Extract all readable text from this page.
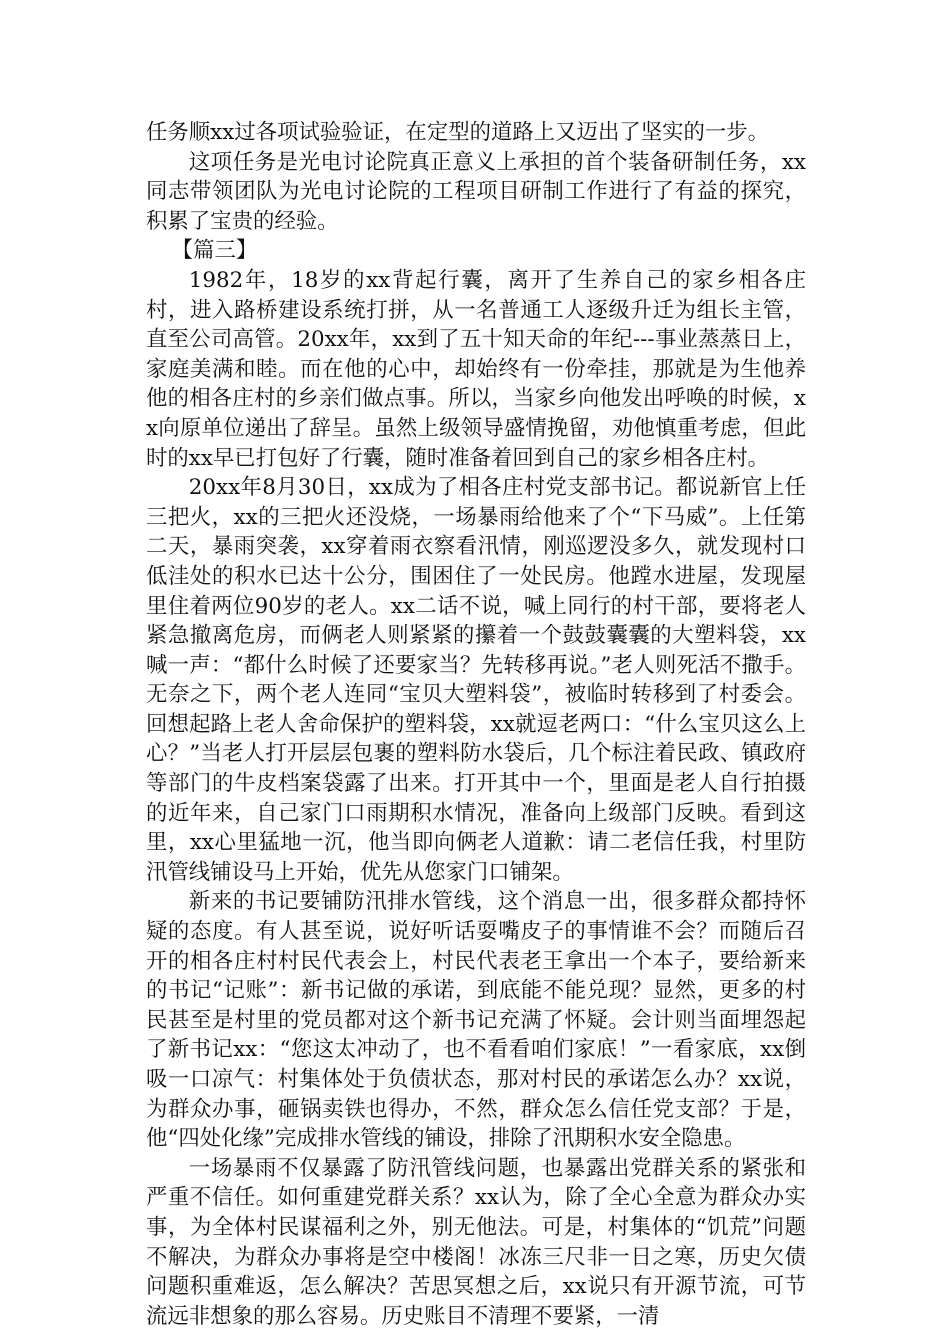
任务顺xx过各项试验验证，在定型的道路上又迈出了坚实的一步。

这项任务是光电讨论院真正意义上承担的首个装备研制任务，xx同志带领团队为光电讨论院的工程项目研制工作进行了有益的探究，积累了宝贵的经验。

【篇三】

1982年，18岁的xx背起行囊，离开了生养自己的家乡相各庄村，进入路桥建设系统打拼，从一名普通工人逐级升迁为组长主管，直至公司高管。20xx年，xx到了五十知天命的年纪---事业蒸蒸日上，家庭美满和睦。而在他的心中，却始终有一份牵挂，那就是为生他养他的相各庄村的乡亲们做点事。所以，当家乡向他发出呼唤的时候，xx向原单位递出了辞呈。虽然上级领导盛情挽留，劝他慎重考虑，但此时的xx早已打包好了行囊，随时准备着回到自己的家乡相各庄村。

20xx年8月30日，xx成为了相各庄村党支部书记。都说新官上任三把火，xx的三把火还没烧，一场暴雨给他来了个“下马威”。上任第二天，暴雨突袭，xx穿着雨衣察看汛情，刚巡逻没多久，就发现村口低洼处的积水已达十公分，围困住了一处民房。他蹚水进屋，发现屋里住着两位90岁的老人。xx二话不说，喊上同行的村干部，要将老人紧急撤离危房，而俩老人则紧紧的攥着一个鼓鼓囊囊的大塑料袋，xx喊一声：“都什么时候了还要家当？先转移再说。”老人则死活不撒手。无奈之下，两个老人连同“宝贝大塑料袋”，被临时转移到了村委会。回想起路上老人舍命保护的塑料袋，xx就逗老两口：“什么宝贝这么上心？”当老人打开层层包裹的塑料防水袋后，几个标注着民政、镇政府等部门的牛皮档案袋露了出来。打开其中一个，里面是老人自行拍摄的近年来，自己家门口雨期积水情况，准备向上级部门反映。看到这里，xx心里猛地一沉，他当即向俩老人道歉：请二老信任我，村里防汛管线铺设马上开始，优先从您家门口铺架。

新来的书记要铺防汛排水管线，这个消息一出，很多群众都持怀疑的态度。有人甚至说，说好听话耍嘴皮子的事情谁不会？而随后召开的相各庄村村民代表会上，村民代表老王拿出一个本子，要给新来的书记“记账”：新书记做的承诺，到底能不能兑现？显然，更多的村民甚至是村里的党员都对这个新书记充满了怀疑。会计则当面埋怨起了新书记xx：“您这太冲动了，也不看看咱们家底！”一看家底，xx倒吸一口凉气：村集体处于负债状态，那对村民的承诺怎么办？xx说，为群众办事，砸锅卖铁也得办，不然，群众怎么信任党支部？于是，他“四处化缘”完成排水管线的铺设，排除了汛期积水安全隐患。

一场暴雨不仅暴露了防汛管线问题，也暴露出党群关系的紧张和严重不信任。如何重建党群关系？xx认为，除了全心全意为群众办实事，为全体村民谋福利之外，别无他法。可是，村集体的“饥荒”问题不解决，为群众办事将是空中楼阁！冰冻三尺非一日之寒，历史欠债问题积重难返，怎么解决？苦思冥想之后，xx说只有开源节流，可节流远非想象的那么容易。历史账目不清理不要紧，一清
